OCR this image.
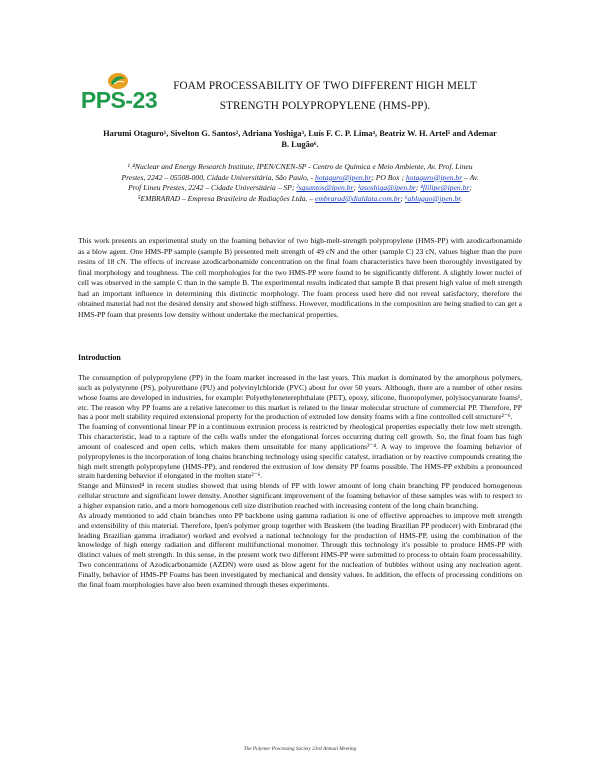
PPS-23
FOAM PROCESSABILITY OF TWO DIFFERENT HIGH MELT
STRENGTH POLYPROPYLENE (HMS-PP).
Harumi Otaguro¹, Sivelton G. Santos², Adriana Yoshiga³, Luís F. C. P. Lima⁴, Beatriz W. H. Artel⁵ and Ademar
B. Lugão⁶.
¹˒⁴Nuclear and Energy Research Institute, IPEN/CNEN-SP - Centro de Química e Meio Ambiente, Av. Prof. Lineu
Prestes, 2242 – 05508-000, Cidade Universitária, São Paulo, - hotaguro@ipen.br; PO Box ; hotaguro@ipen.br – Av.
Prof Lineu Prestes, 2242 – Cidade Universitária – SP; ²sgsantos@ipen.br; ³asoshiga@ipen.br; ⁴flilipe@ipen.br;
⁵EMBRARAD – Empresa Brasileira de Radiações Ltda. – embrarad@dialdata.com.br; ⁶ablugao@ipen.br.
This work presents an experimental study on the foaming behavior of two high-melt-strength polypropylene (HMS-PP) with azodicarbonamide as a blow agent. One HMS-PP sample (sample B) presented melt strength of 49 cN and the other (sample C) 23 cN, values higher than the pure resins of 18 cN. The effects of increase azodicarbonamide concentration on the final foam characteristics have been thoroughly investigated by final morphology and toughness. The cell morphologies for the two HMS-PP were found to be significantly different. A slightly lower nuclei of cell was observed in the sample C than in the sample B. The experimental results indicated that sample B that present high value of melt strength had an important influence in determining this distinctic morphology. The foam process used here did not reveal satisfactory, therefore the obtained material had not the desired density and showed high stiffness. However, modifications in the composition are being studied to can get a HMS-PP foam that presents low density without undertake the mechanical properties.
Introduction

The consumption of polypropylene (PP) in the foam market increased in the last years. This market is dominated by the amorphous polymers, such as polystyrene (PS), polyurethane (PU) and polyvinylchloride (PVC) about for over 50 years. Although, there are a number of other resins whose foams are developed in industries, for example: Polyethyleneterephthalate (PET), epoxy, silicone, fluoropolymer, polyisocyanurate foams¹, etc. The reason why PP foams are a relative latecomer to this market is related to the linear molecular structure of commercial PP. Therefore, PP has a poor melt stability required extensional property for the production of extruded low density foams with a fine controlled cell structure²⁻⁶.

The foaming of conventional linear PP in a continuous extrusion process is restricted by rheological properties especially their low melt strength. This characteristic, lead to a rapture of the cells walls under the elongational forces occurring during cell growth. So, the final foam has high amount of coalesced and open cells, which makes them unsuitable for many applications²⁻⁴. A way to improve the foaming behavior of polypropylenes is the incorporation of long chains branching technology using specific catalyst, irradiation or by reactive compounds creating the high melt strength polypropylene (HMS-PP), and rendered the extrusion of low density PP foams possible. The HMS-PP exhibits a pronounced strain hardening behavior if elongated in the molten state²⁻⁶.

Stange and Münsted⁴ in recent studies showed that using blends of PP with lower amount of long chain branching PP produced homogenous cellular structure and significant lower density. Another significant improvement of the foaming behavior of these samples was with to respect to a higher expansion ratio, and a more homogenous cell size distribution reached with increasing content of the long chain branching.

As already mentioned to add chain branches onto PP backbone using gamma radiation is one of effective approaches to improve melt strength and extensibility of this material. Therefore, Ipen's polymer group together with Braskem (the leading Brazilian PP producer) with Embrarad (the leading Brazilian gamma irradiator) worked and evolved a national technology for the production of HMS-PP, using the combination of the knowledge of high energy radiation and different multifunctional monomer. Through this technology it's possible to produce HMS-PP with distinct values of melt strength. In this sense, in the present work two different HMS-PP were submitted to process to obtain foam processability. Two concentrations of Azodicarbonamide (AZDN) were used as blow agent for the nucleation of bubbles without using any nucleation agent. Finally, behavior of HMS-PP Foams has been investigated by mechanical and density values. In addition, the effects of processing conditions on the final foam morphologies have also been examined through theses experiments.

The Polymer Processing Society 23rd Annual Meeting
